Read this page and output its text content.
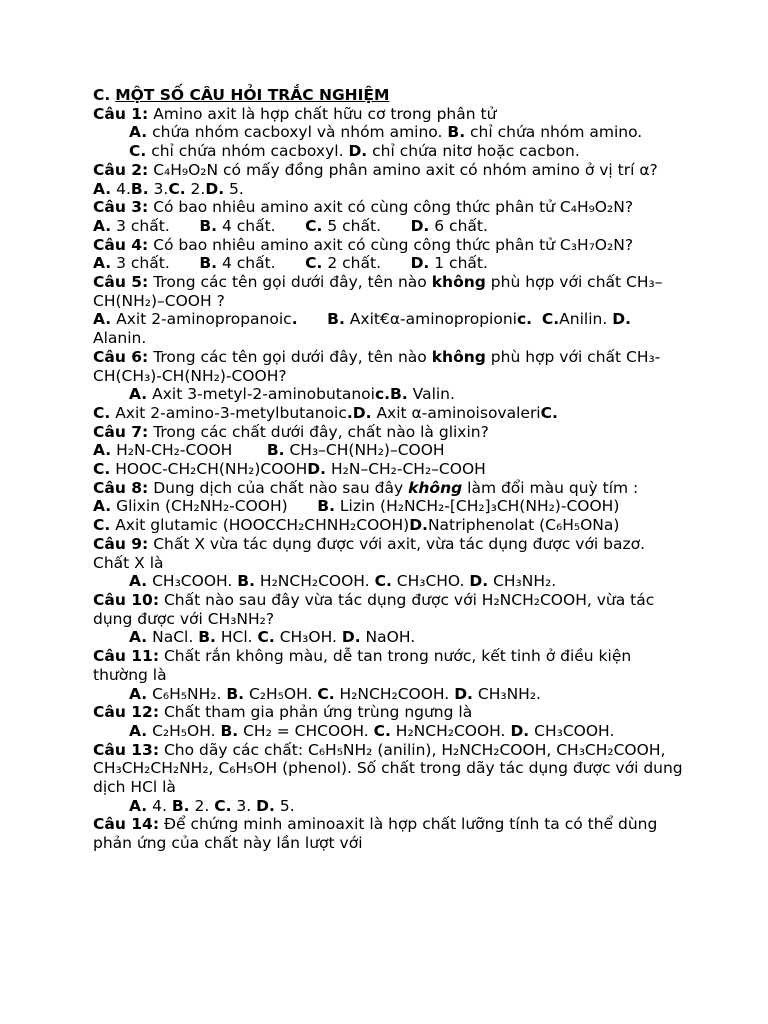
C. MỘT SỐ CÂU HỎI TRẮC NGHIỆM

Câu 1: Amino axit là hợp chất hữu cơ trong phân tử

A. chứa nhóm cacboxyl và nhóm amino. B. chỉ chứa nhóm amino.

C. chỉ chứa nhóm cacboxyl. D. chỉ chứa nitơ hoặc cacbon.

Câu 2: C₄H₉O₂N có mấy đồng phân amino axit có nhóm amino ở vị trí α?

A. 4.B. 3.C. 2.D. 5.

Câu 3: Có bao nhiêu amino axit có cùng công thức phân tử C₄H₉O₂N?

A. 3 chất. B. 4 chất. C. 5 chất. D. 6 chất.

Câu 4: Có bao nhiêu amino axit có cùng công thức phân tử C₃H₇O₂N?

A. 3 chất. B. 4 chất. C. 2 chất. D. 1 chất.

Câu 5: Trong các tên gọi dưới đây, tên nào không phù hợp với chất CH₃–CH(NH₂)–COOH ?

A. Axit 2-aminopropanoic. B. Axit€α-aminopropionic. C.Anilin. D. Alanin.

Câu 6: Trong các tên gọi dưới đây, tên nào không phù hợp với chất CH₃-CH(CH₃)-CH(NH₂)-COOH?

A. Axit 3-metyl-2-aminobutanoic.B. Valin.

C. Axit 2-amino-3-metylbutanoic.D. Axit α-aminoisovaleriC.

Câu 7: Trong các chất dưới đây, chất nào là glixin?

A. H₂N-CH₂-COOH B. CH₃–CH(NH₂)–COOH

C. HOOC-CH₂CH(NH₂)COOHD. H₂N–CH₂-CH₂–COOH

Câu 8: Dung dịch của chất nào sau đây không làm đổi màu quỳ tím :

A. Glixin (CH₂NH₂-COOH) B. Lizin (H₂NCH₂-[CH₂]₃CH(NH₂)-COOH)

C. Axit glutamic (HOOCCH₂CHNH₂COOH)D.Natriphenolat (C₆H₅ONa)

Câu 9: Chất X vừa tác dụng được với axit, vừa tác dụng được với bazơ. Chất X là

A. CH₃COOH. B. H₂NCH₂COOH. C. CH₃CHO. D. CH₃NH₂.

Câu 10: Chất nào sau đây vừa tác dụng được với H₂NCH₂COOH, vừa tác dụng được với CH₃NH₂?

A. NaCl. B. HCl. C. CH₃OH. D. NaOH.

Câu 11: Chất rắn không màu, dễ tan trong nước, kết tinh ở điều kiện thường là

A. C₆H₅NH₂. B. C₂H₅OH. C. H₂NCH₂COOH. D. CH₃NH₂.

Câu 12: Chất tham gia phản ứng trùng ngưng là

A. C₂H₅OH. B. CH₂ = CHCOOH. C. H₂NCH₂COOH. D. CH₃COOH.

Câu 13: Cho dãy các chất: C₆H₅NH₂ (anilin), H₂NCH₂COOH, CH₃CH₂COOH, CH₃CH₂CH₂NH₂, C₆H₅OH (phenol). Số chất trong dãy tác dụng được với dung dịch HCl là

A. 4. B. 2. C. 3. D. 5.

Câu 14: Để chứng minh aminoaxit là hợp chất lưỡng tính ta có thể dùng phản ứng của chất này lần lượt với
